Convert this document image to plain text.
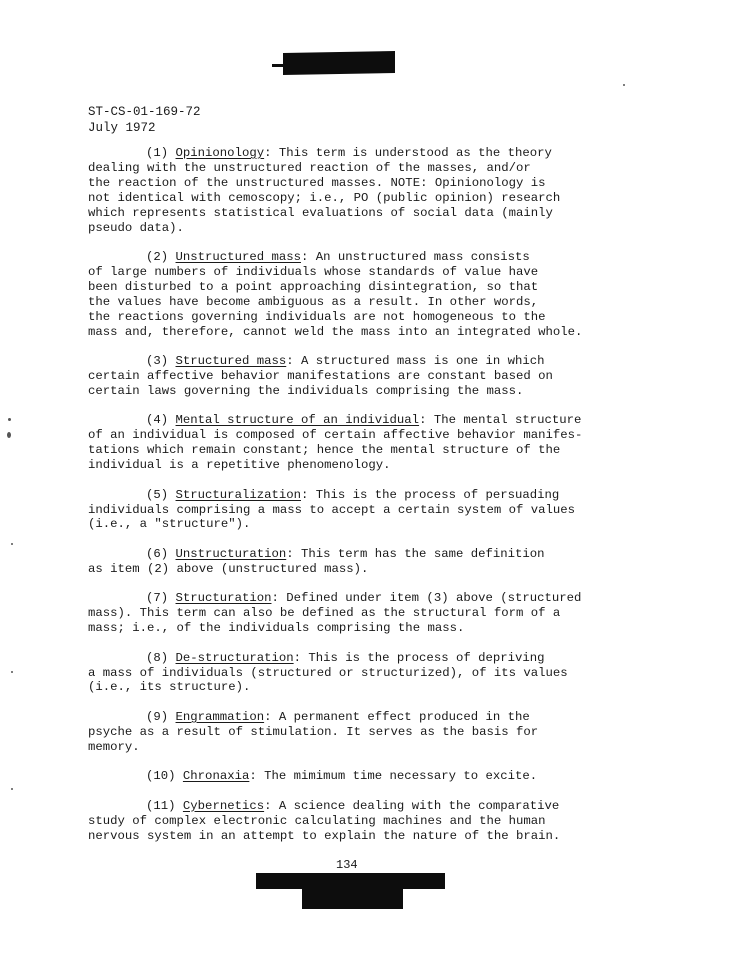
ST-CS-01-169-72
July 1972
(1) Opinionology: This term is understood as the theory
dealing with the unstructured reaction of the masses, and/or
the reaction of the unstructured masses. NOTE: Opinionology is
not identical with cemoscopy; i.e., PO (public opinion) research
which represents statistical evaluations of social data (mainly
pseudo data).
(2) Unstructured mass: An unstructured mass consists
of large numbers of individuals whose standards of value have
been disturbed to a point approaching disintegration, so that
the values have become ambiguous as a result. In other words,
the reactions governing individuals are not homogeneous to the
mass and, therefore, cannot weld the mass into an integrated whole.
(3) Structured mass: A structured mass is one in which
certain affective behavior manifestations are constant based on
certain laws governing the individuals comprising the mass.
(4) Mental structure of an individual: The mental structure
of an individual is composed of certain affective behavior manifes-
tations which remain constant; hence the mental structure of the
individual is a repetitive phenomenology.
(5) Structuralization: This is the process of persuading
individuals comprising a mass to accept a certain system of values
(i.e., a "structure").
(6) Unstructuration: This term has the same definition
as item (2) above (unstructured mass).
(7) Structuration: Defined under item (3) above (structured
mass). This term can also be defined as the structural form of a
mass; i.e., of the individuals comprising the mass.
(8) De-structuration: This is the process of depriving
a mass of individuals (structured or structurized), of its values
(i.e., its structure).
(9) Engrammation: A permanent effect produced in the
psyche as a result of stimulation. It serves as the basis for
memory.
(10) Chronaxia: The mimimum time necessary to excite.
(11) Cybernetics: A science dealing with the comparative
study of complex electronic calculating machines and the human
nervous system in an attempt to explain the nature of the brain.
134
